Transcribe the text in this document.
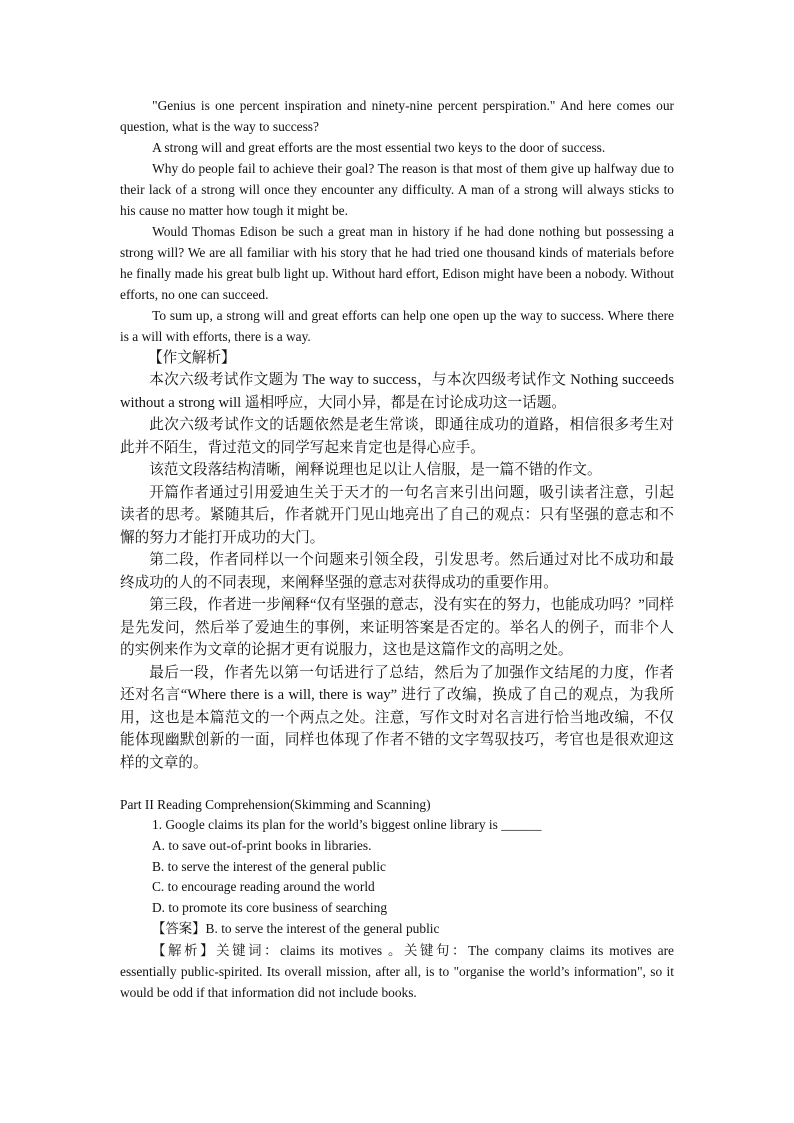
"Genius is one percent inspiration and ninety-nine percent perspiration." And here comes our question, what is the way to success?

A strong will and great efforts are the most essential two keys to the door of success.

Why do people fail to achieve their goal? The reason is that most of them give up halfway due to their lack of a strong will once they encounter any difficulty. A man of a strong will always sticks to his cause no matter how tough it might be.

Would Thomas Edison be such a great man in history if he had done nothing but possessing a strong will? We are all familiar with his story that he had tried one thousand kinds of materials before he finally made his great bulb light up. Without hard effort, Edison might have been a nobody. Without efforts, no one can succeed.

To sum up, a strong will and great efforts can help one open up the way to success. Where there is a will with efforts, there is a way.

【作文解析】

本次六级考试作文题为 The way to success，与本次四级考试作文 Nothing succeeds without a strong will 遥相呼应，大同小异，都是在讨论成功这一话题。

此次六级考试作文的话题依然是老生常谈，即通往成功的道路，相信很多考生对此并不陌生，背过范文的同学写起来肯定也是得心应手。

该范文段落结构清晰，阐释说理也足以让人信服，是一篇不错的作文。

开篇作者通过引用爱迪生关于天才的一句名言来引出问题，吸引读者注意，引起读者的思考。紧随其后，作者就开门见山地亮出了自己的观点：只有坚强的意志和不懈的努力才能打开成功的大门。

第二段，作者同样以一个问题来引领全段，引发思考。然后通过对比不成功和最终成功的人的不同表现，来阐释坚强的意志对获得成功的重要作用。

第三段，作者进一步阐释“仅有坚强的意志，没有实在的努力，也能成功吗？”同样是先发问，然后举了爱迪生的事例，来证明答案是否定的。举名人的例子，而非个人的实例来作为文章的论据才更有说服力，这也是这篇作文的高明之处。

最后一段，作者先以第一句话进行了总结，然后为了加强作文结尾的力度，作者还对名言“Where there is a will, there is way” 进行了改编，换成了自己的观点，为我所用，这也是本篇范文的一个两点之处。注意，写作文时对名言进行恰当地改编，不仅能体现幽默创新的一面，同样也体现了作者不错的文字驾驭技巧，考官也是很欢迎这样的文章的。

Part II Reading Comprehension(Skimming and Scanning)

1. Google claims its plan for the world’s biggest online library is ______

A. to save out-of-print books in libraries.

B. to serve the interest of the general public

C. to encourage reading around the world

D. to promote its core business of searching

【答案】B. to serve the interest of the general public

【解析】关键词：claims its motives 。关键句：The company claims its motives are essentially public-spirited. Its overall mission, after all, is to "organise the world’s information", so it would be odd if that information did not include books.
